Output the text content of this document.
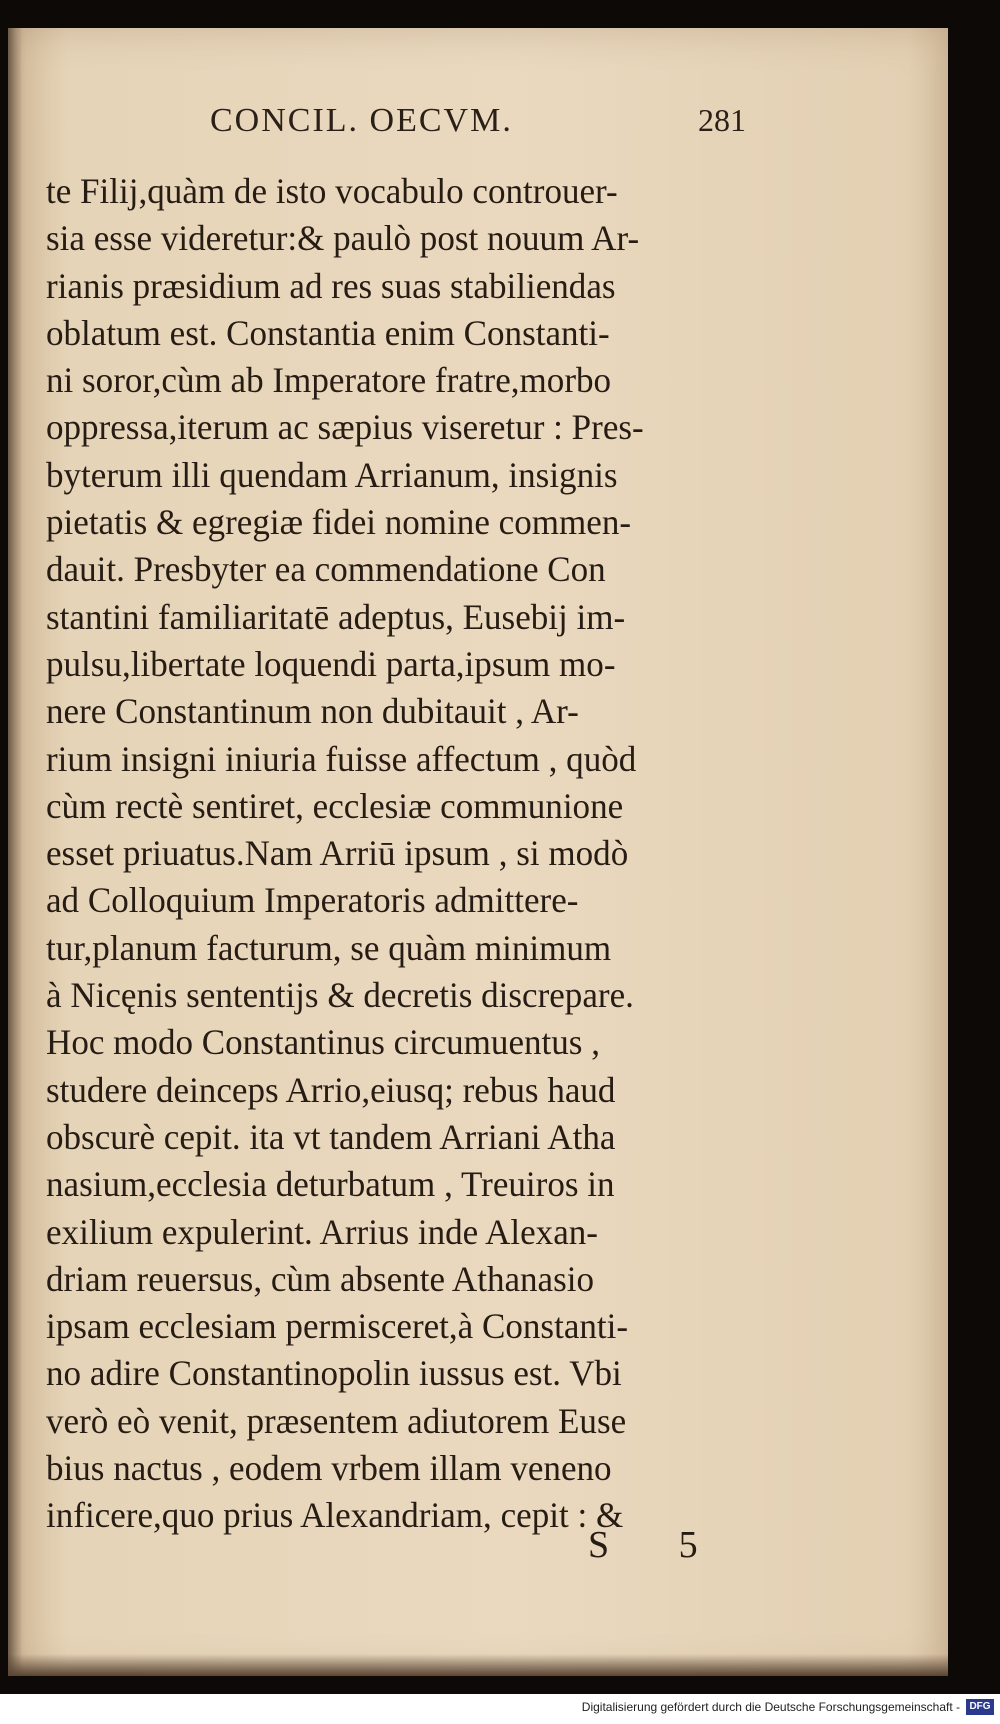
CONCIL. OECVM.	281
te Filij,quàm de isto vocabulo controuer-
sia esse videretur:& paulò post nouum Ar-
rianis præsidium ad res suas stabiliendas
oblatum est. Constantia enim Constanti-
ni soror,cùm ab Imperatore fratre,morbo
oppressa,iterum ac sæpius viseretur : Pres-
byterum illi quendam Arrianum, insignis
pietatis & egregiæ fidei nomine commen-
dauit. Presbyter ea commendatione Con
stantini familiaritatē adeptus, Eusebij im-
pulsu,libertate loquendi parta,ipsum mo-
nere Constantinum non dubitauit , Ar-
rium insigni iniuria fuisse affectum , quòd
cùm rectè sentiret, ecclesiæ communione
esset priuatus.Nam Arriū ipsum , si modò
ad Colloquium Imperatoris admittere-
tur,planum facturum, se quàm minimum
à Nicęnis sententijs & decretis discrepare.
Hoc modo Constantinus circumuentus ,
studere deinceps Arrio,eiusq; rebus haud
obscurè cepit. ita vt tandem Arriani Atha
nasium,ecclesia deturbatum , Treuiros in
exilium expulerint. Arrius inde Alexan-
driam reuersus, cùm absente Athanasio
ipsam ecclesiam permisceret,à Constanti-
no adire Constantinopolin iussus est. Vbi
verò eò venit, præsentem adiutorem Euse
bius nactus , eodem vrbem illam veneno
inficere,quo prius Alexandriam, cepit : &
S 5
Digitalisierung gefördert durch die Deutsche Forschungsgemeinschaft - DFG
